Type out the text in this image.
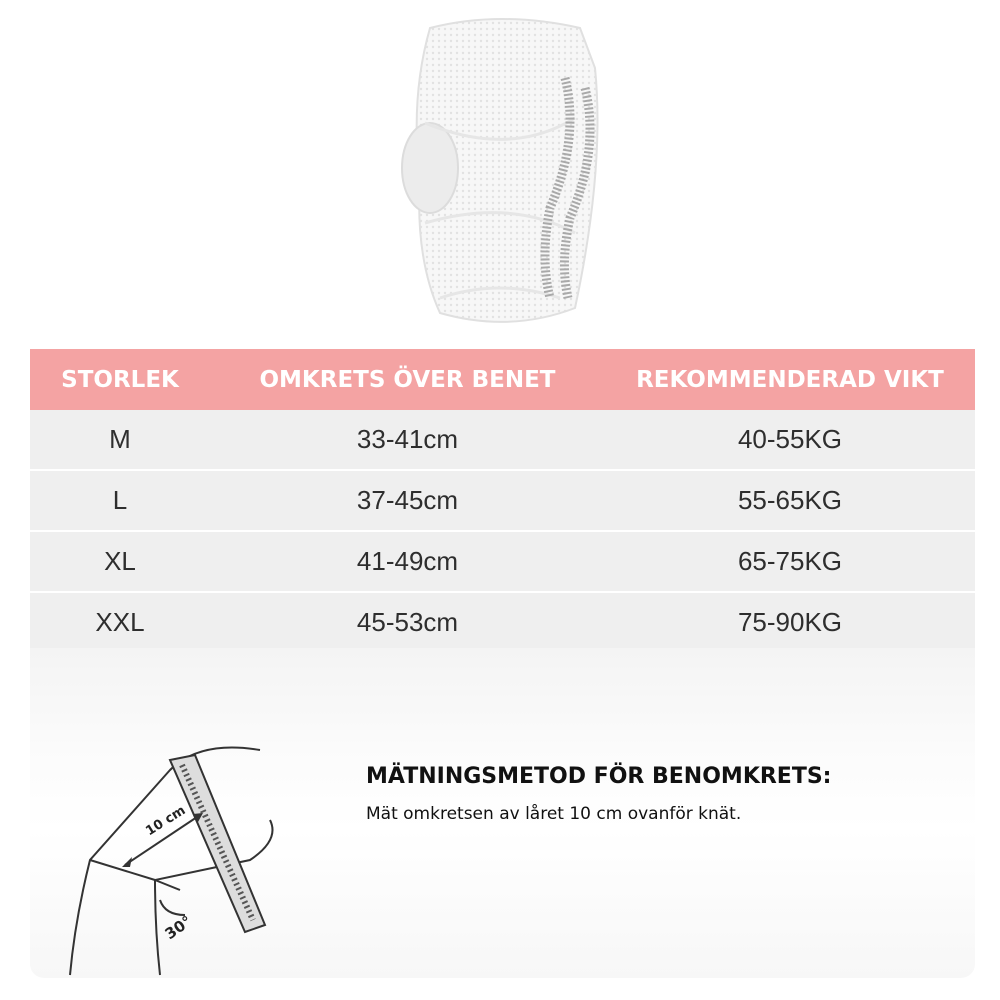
STORLEK	OMKRETS ÖVER BENET	REKOMMENDERAD VIKT
M	33-41cm	40-55KG
L	37-45cm	55-65KG
XL	41-49cm	65-75KG
XXL	45-53cm	75-90KG
10 cm
30°
MÄTNINGSMETOD FÖR BENOMKRETS:
Mät omkretsen av låret 10 cm ovanför knät.
